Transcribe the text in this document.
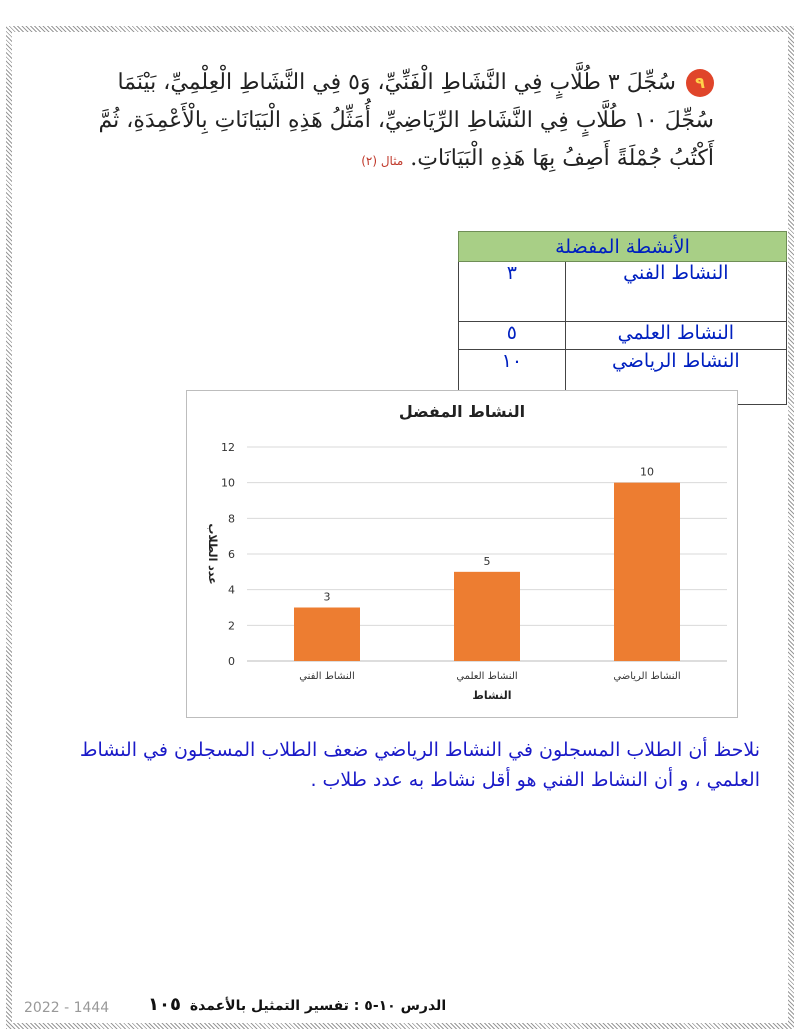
٩سُجِّلَ ٣ طُلَّابٍ فِي النَّشَاطِ الْفَنِّيِّ، وَ٥ فِي النَّشَاطِ الْعِلْمِيِّ، بَيْنَمَا سُجِّلَ ١٠ طُلَّابٍ فِي النَّشَاطِ الرِّيَاضِيِّ، أُمَثِّلُ هَذِهِ الْبَيَانَاتِ بِالْأَعْمِدَةِ، ثُمَّ أَكْتُبُ جُمْلَةً أَصِفُ بِهَا هَذِهِ الْبَيَانَاتِ. مثال (٢)
الأنشطة المفضلة	
النشاط الفني	٣
النشاط العلمي	٥
النشاط الرياضي	١٠
0
2
4
6
8
10
12
3
النشاط الفني
5
النشاط العلمي
10
النشاط الرياضي
النشاط المفضل
النشاط
عدد الطلاب
نلاحظ أن الطلاب المسجلون في النشاط الرياضي ضعف الطلاب المسجلون في النشاط العلمي ، و أن النشاط الفني هو أقل نشاط به عدد طلاب .
الدرس ١٠-٥ : تفسير التمثيل بالأعمدة ١٠٥
2022 - 1444
